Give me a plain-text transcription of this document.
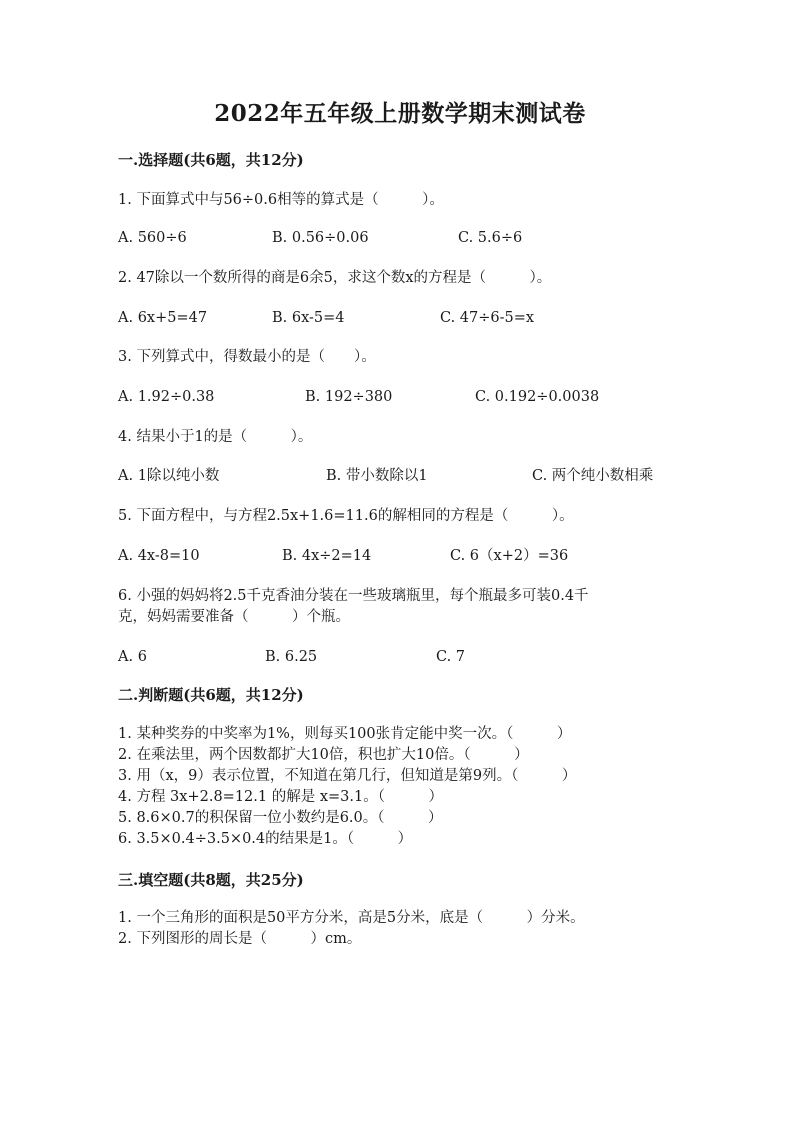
2022年五年级上册数学期末测试卷
一.选择题(共6题，共12分)
1. 下面算式中与56÷0.6相等的算式是（　　　）。
A. 560÷6	B. 0.56÷0.06	C. 5.6÷6
2. 47除以一个数所得的商是6余5，求这个数x的方程是（　　　）。
A. 6x+5=47	B. 6x-5=4	C. 47÷6-5=x
3. 下列算式中，得数最小的是（　　）。
A. 1.92÷0.38	B. 192÷380	C. 0.192÷0.0038
4. 结果小于1的是（　　　）。
A. 1除以纯小数	B. 带小数除以1	C. 两个纯小数相乘
5. 下面方程中，与方程2.5x+1.6=11.6的解相同的方程是（　　　）。
A. 4x-8=10	B. 4x÷2=14	C. 6（x+2）=36
6. 小强的妈妈将2.5千克香油分装在一些玻璃瓶里，每个瓶最多可装0.4千
克，妈妈需要准备（　　　）个瓶。
A. 6	B. 6.25	C. 7
二.判断题(共6题，共12分)
1. 某种奖券的中奖率为1%，则每买100张肯定能中奖一次。（　　　）
2. 在乘法里，两个因数都扩大10倍，积也扩大10倍。（　　　）
3. 用（x，9）表示位置，不知道在第几行，但知道是第9列。（　　　）
4. 方程 3x+2.8=12.1 的解是 x=3.1。（　　　）
5. 8.6×0.7的积保留一位小数约是6.0。（　　　）
6. 3.5×0.4÷3.5×0.4的结果是1。（　　　）
三.填空题(共8题，共25分)
1. 一个三角形的面积是50平方分米，高是5分米，底是（　　　）分米。
2. 下列图形的周长是（　　　）cm。
